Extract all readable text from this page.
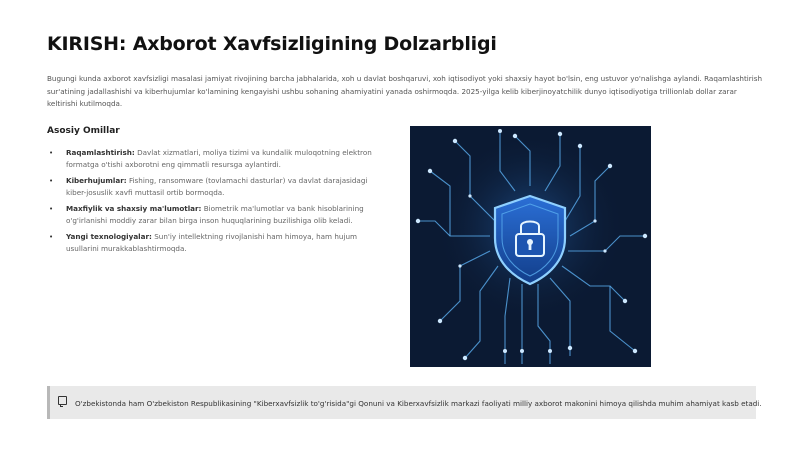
KIRISH: Axborot Xavfsizligining Dolzarbligi
Bugungi kunda axborot xavfsizligi masalasi jamiyat rivojining barcha jabhalarida, xoh u davlat boshqaruvi, xoh iqtisodiyot yoki shaxsiy hayot bo'lsin, eng ustuvor yo'nalishga aylandi. Raqamlashtirish sur'atining jadallashishi va kiberhujumlar ko'lamining kengayishi ushbu sohaning ahamiyatini yanada oshirmoqda. 2025-yilga kelib kiberjinoyatchilik dunyo iqtisodiyotiga trillionlab dollar zarar keltirishi kutilmoqda.
Asosiy Omillar
• Raqamlashtirish: Davlat xizmatlari, moliya tizimi va kundalik muloqotning elektron formatga o'tishi axborotni eng qimmatli resursga aylantirdi.
• Kiberhujumlar: Fishing, ransomware (tovlamachi dasturlar) va davlat darajasidagi kiber-josuslik xavfi muttasil ortib bormoqda.
• Maxfiylik va shaxsiy ma'lumotlar: Biometrik ma'lumotlar va bank hisoblarining o'g'irlanishi moddiy zarar bilan birga inson huquqlarining buzilishiga olib keladi.
• Yangi texnologiyalar: Sun'iy intellektning rivojlanishi ham himoya, ham hujum usullarini murakkablashtirmoqda.
O'zbekistonda ham O'zbekiston Respublikasining "Kiberxavfsizlik to'g'risida"gi Qonuni va Kiberxavfsizlik markazi faoliyati milliy axborot makonini himoya qilishda muhim ahamiyat kasb etadi.
